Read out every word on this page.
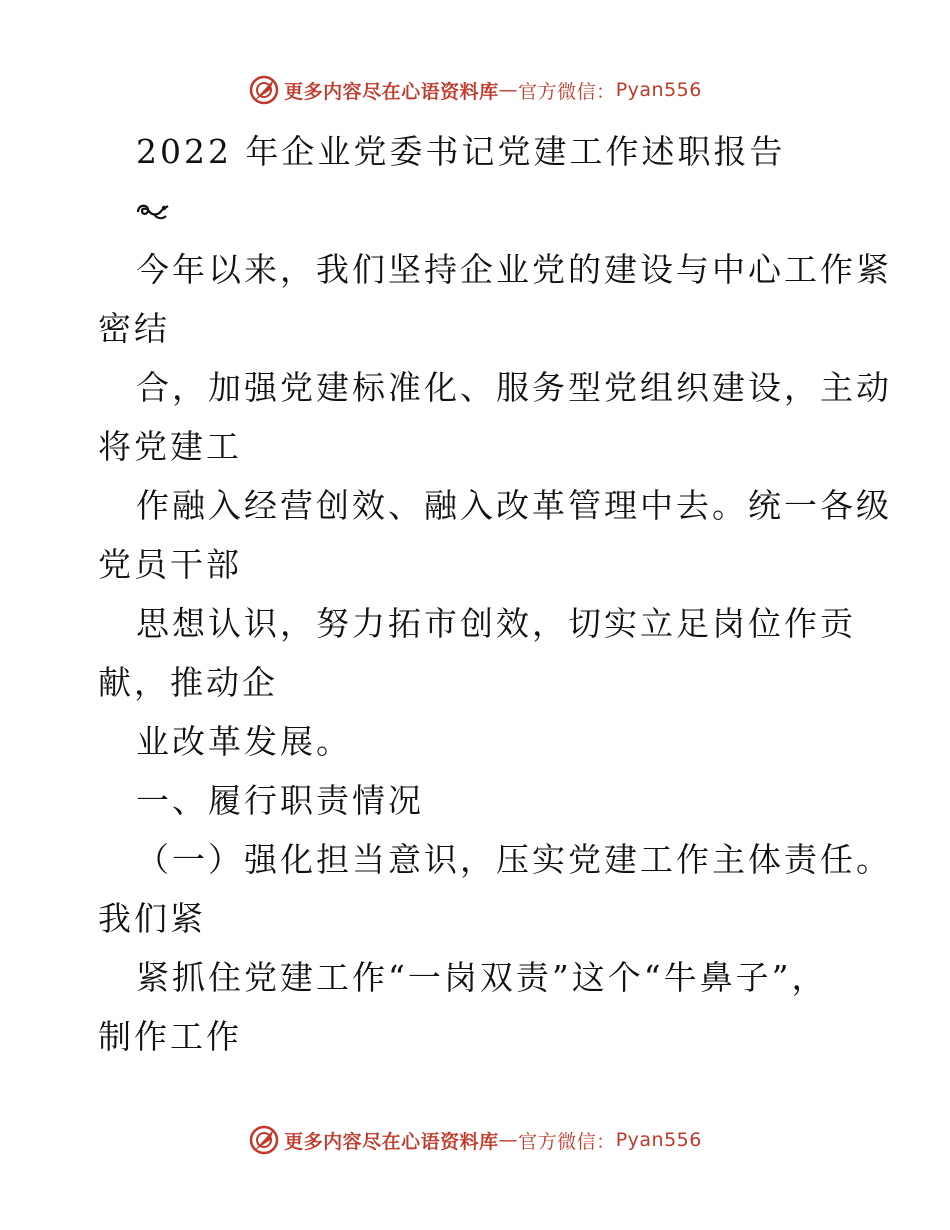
更多内容尽在心语资料库 — 官方微信： Pyan556
2022 年企业党委书记党建工作述职报告
今年以来，我们坚持企业党的建设与中心工作紧
密结
合，加强党建标准化、服务型党组织建设，主动
将党建工
作融入经营创效、融入改革管理中去。统一各级
党员干部
思想认识，努力拓市创效，切实立足岗位作贡
献，推动企
业改革发展。
一、履行职责情况
（一）强化担当意识，压实党建工作主体责任。
我们紧
紧抓住党建工作“一岗双责”这个“牛鼻子”，
制作工作
更多内容尽在心语资料库 — 官方微信： Pyan556
